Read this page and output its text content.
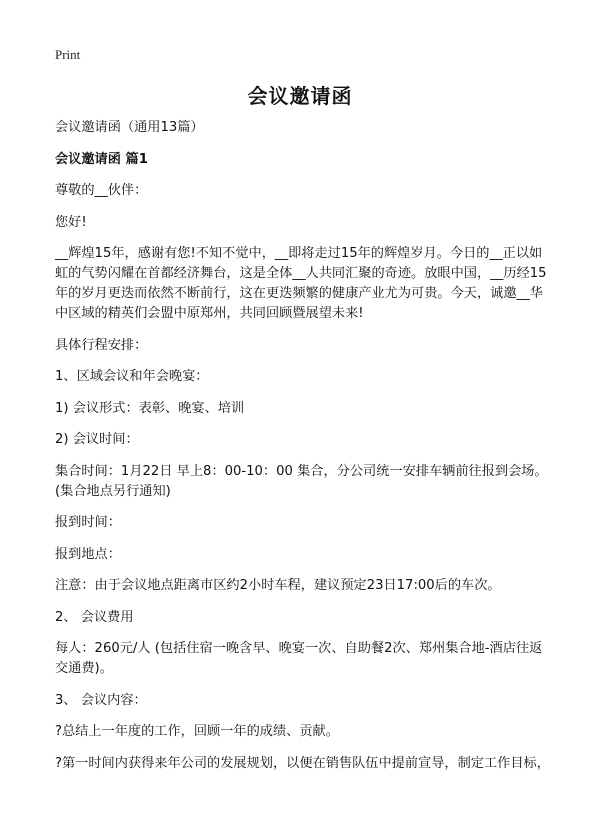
Print
会议邀请函

会议邀请函（通用13篇）

会议邀请函 篇1

尊敬的__伙伴：

您好!

__辉煌15年，感谢有您!不知不觉中，__即将走过15年的辉煌岁月。今日的__正以如虹的气势闪耀在首都经济舞台，这是全体__人共同汇聚的奇迹。放眼中国，__历经15年的岁月更迭而依然不断前行，这在更迭频繁的健康产业尤为可贵。今天，诚邀__华中区域的精英们会盟中原郑州，共同回顾暨展望未来!

具体行程安排：

1、区域会议和年会晚宴：

1) 会议形式：表彰、晚宴、培训

2) 会议时间：

集合时间：1月22日 早上8：00-10：00 集合，分公司统一安排车辆前往报到会场。(集合地点另行通知)

报到时间：

报到地点：

注意：由于会议地点距离市区约2小时车程，建议预定23日17:00后的车次。

2、 会议费用

每人：260元/人 (包括住宿一晚含早、晚宴一次、自助餐2次、郑州集合地-酒店往返交通费)。

3、 会议内容：

?总结上一年度的工作，回顾一年的成绩、贡献。

?第一时间内获得来年公司的发展规划，以便在销售队伍中提前宣导，制定工作目标，
